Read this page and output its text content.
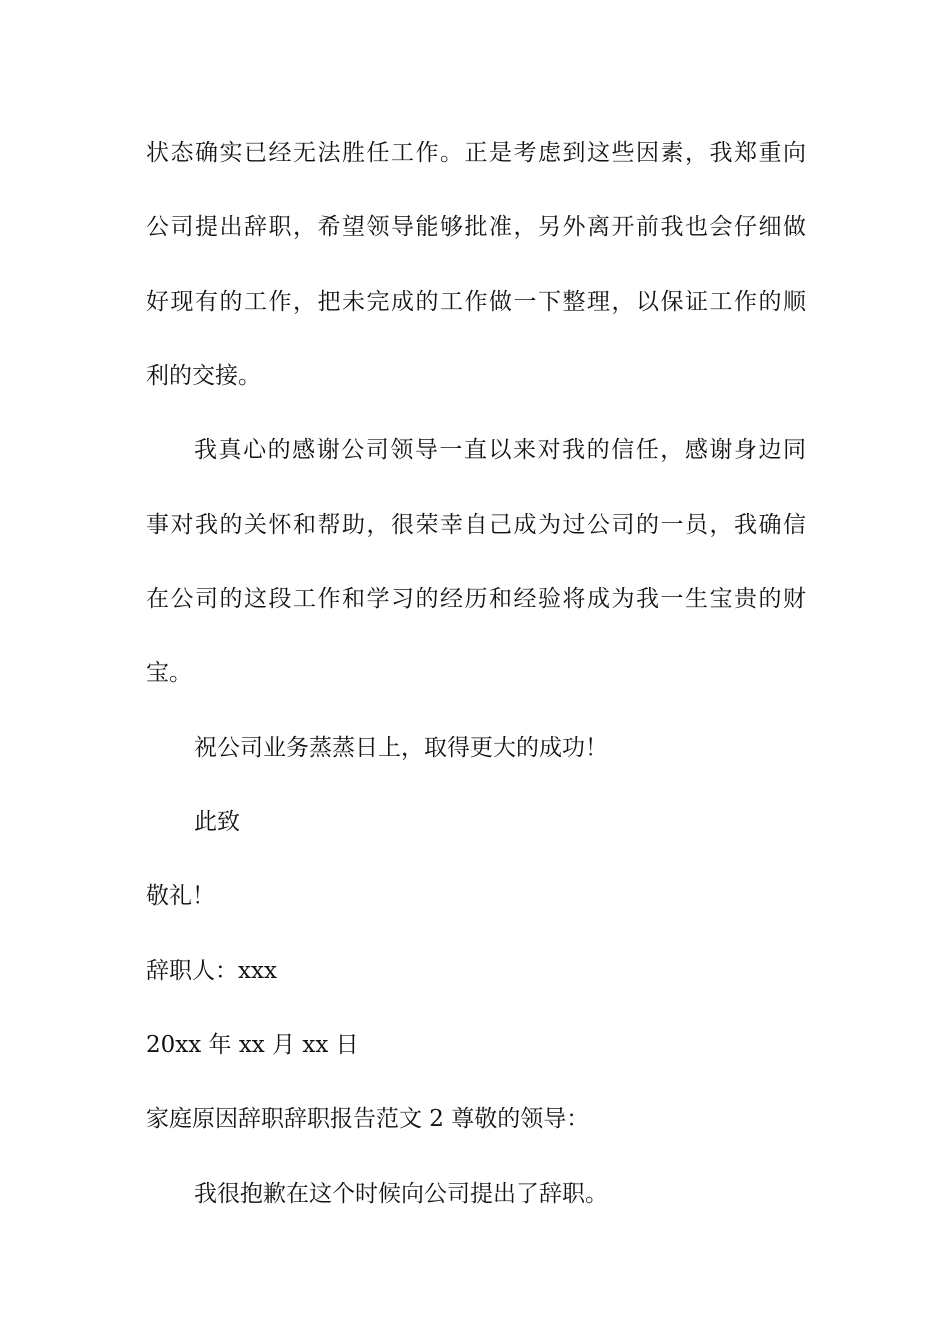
状态确实已经无法胜任工作。正是考虑到这些因素，我郑重向
公司提出辞职，希望领导能够批准，另外离开前我也会仔细做
好现有的工作，把未完成的工作做一下整理，以保证工作的顺
利的交接。
我真心的感谢公司领导一直以来对我的信任，感谢身边同
事对我的关怀和帮助，很荣幸自己成为过公司的一员，我确信
在公司的这段工作和学习的经历和经验将成为我一生宝贵的财
宝。
祝公司业务蒸蒸日上，取得更大的成功！
此致
敬礼！
辞职人：xxx
20xx 年 xx 月 xx 日
家庭原因辞职辞职报告范文 2 尊敬的领导：
我很抱歉在这个时候向公司提出了辞职。
